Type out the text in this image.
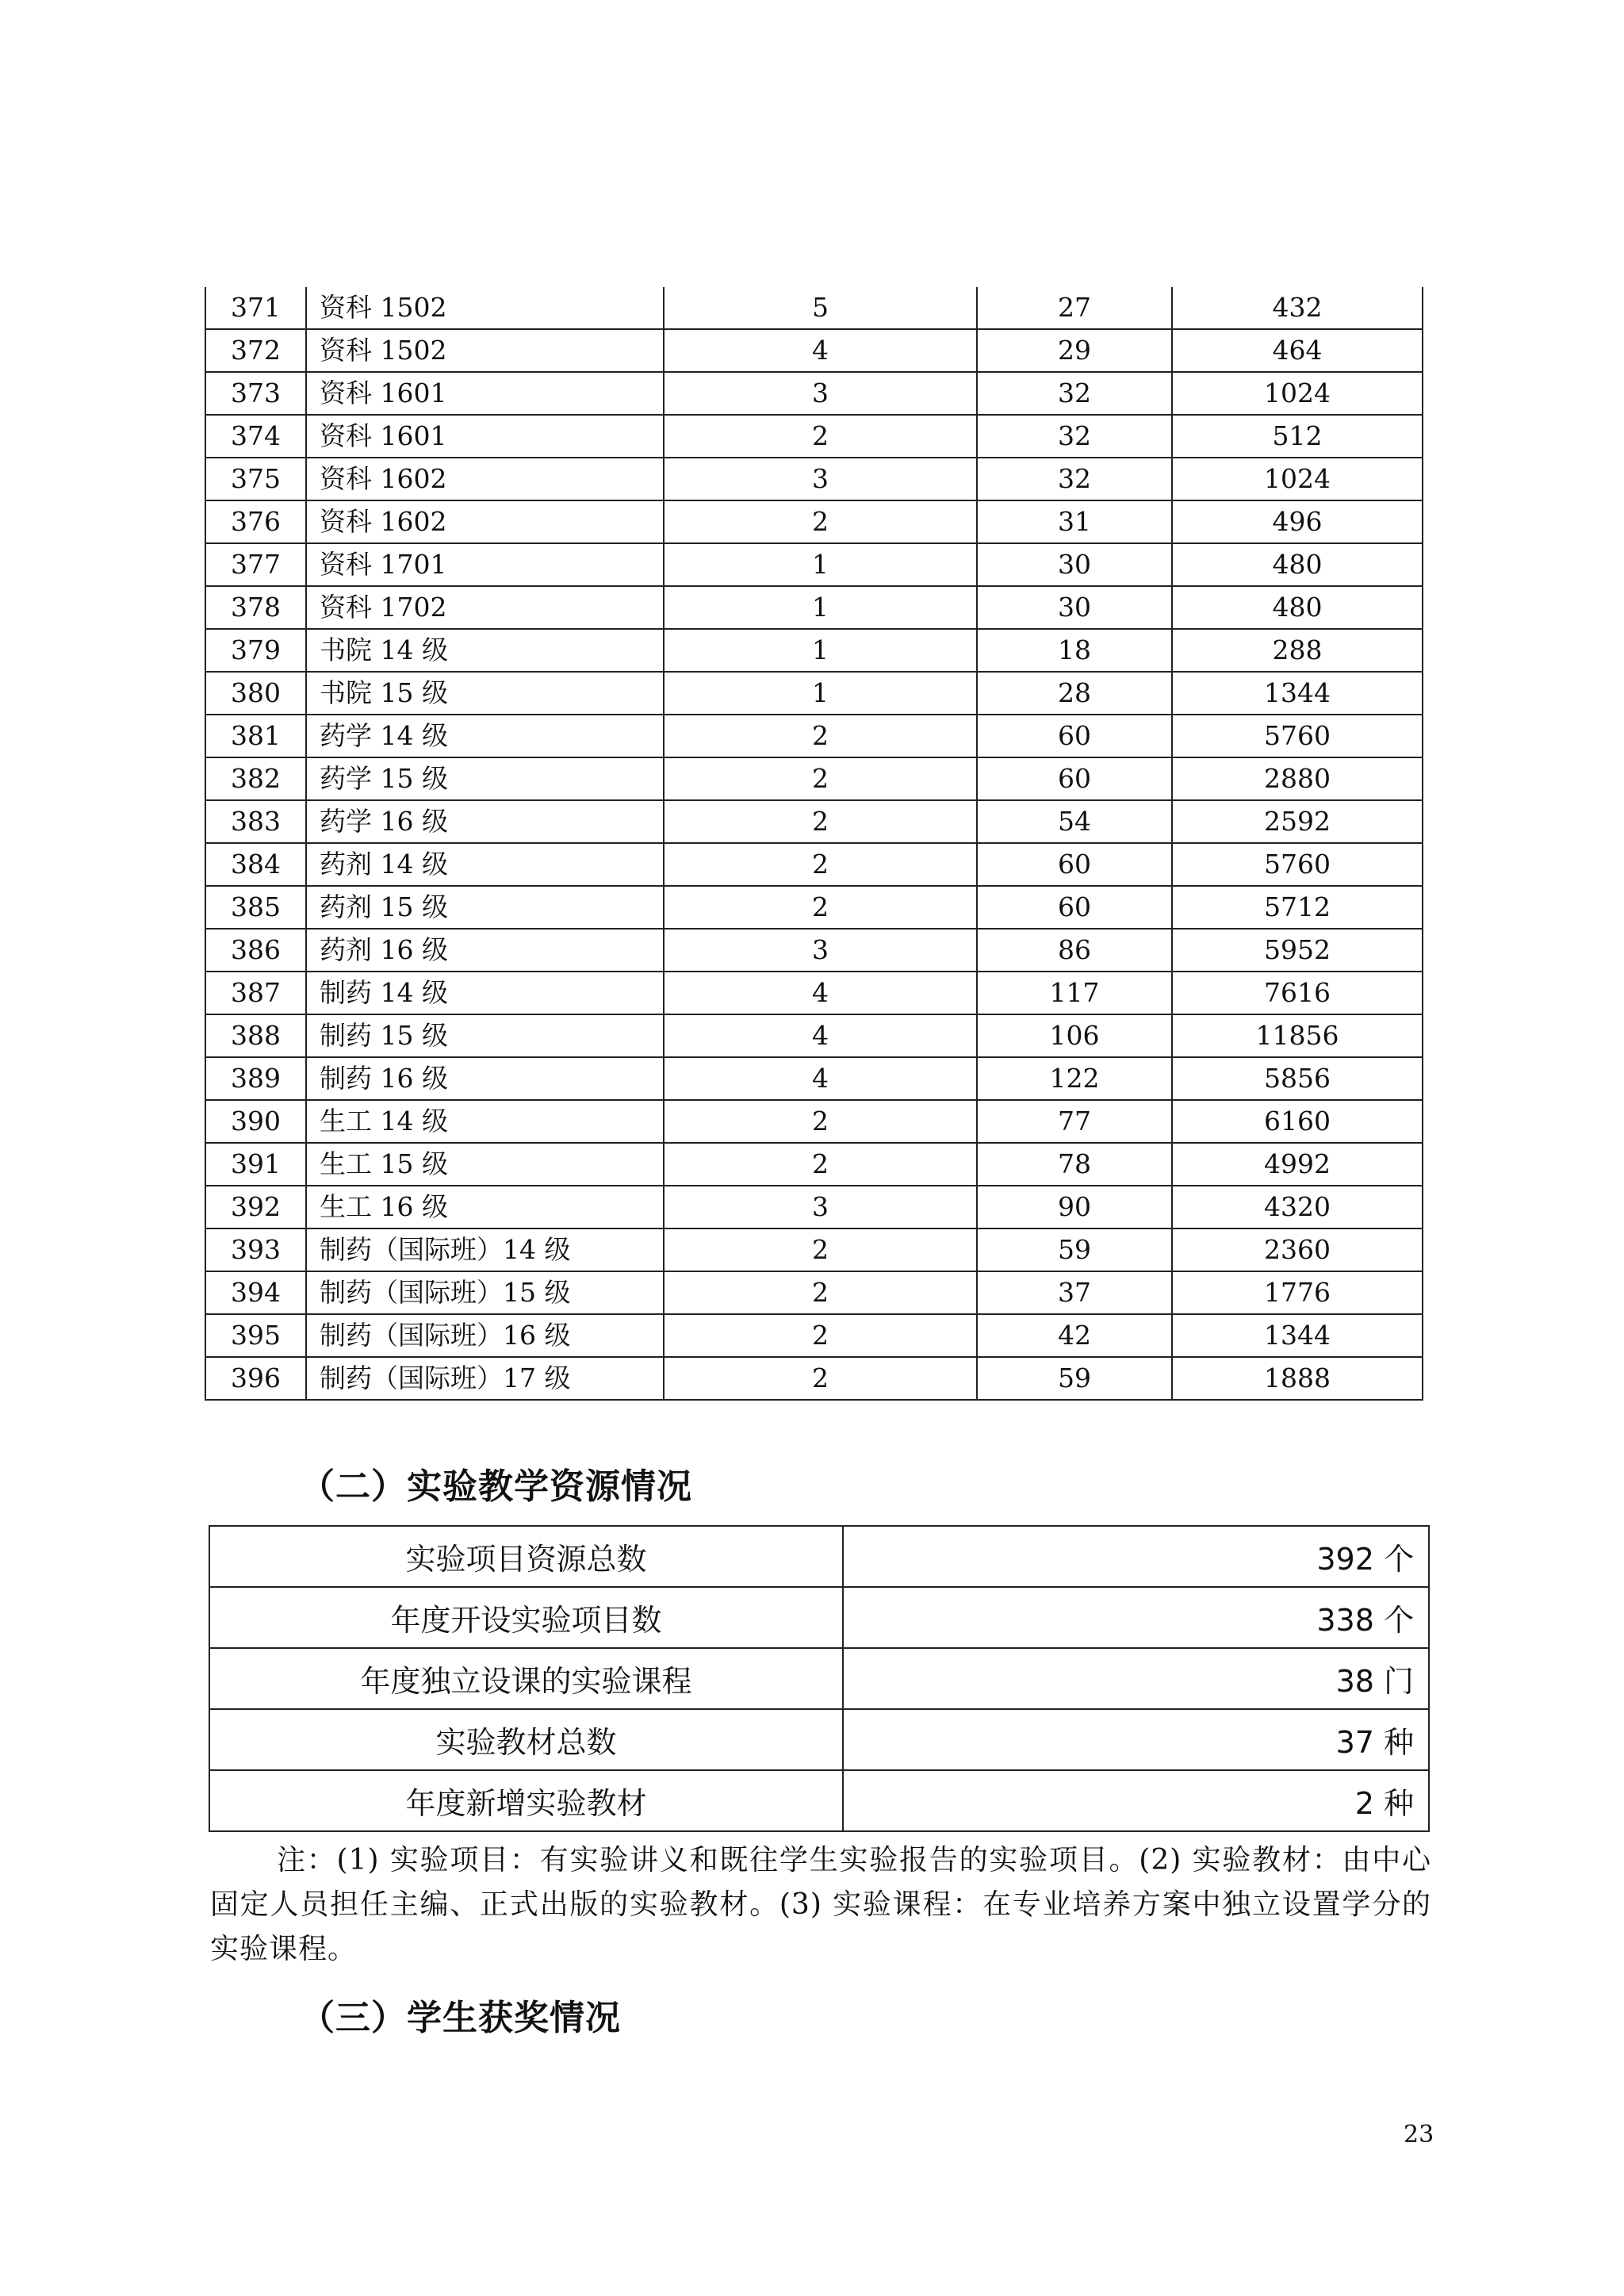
371	资科 1502	5	27	432
372	资科 1502	4	29	464
373	资科 1601	3	32	1024
374	资科 1601	2	32	512
375	资科 1602	3	32	1024
376	资科 1602	2	31	496
377	资科 1701	1	30	480
378	资科 1702	1	30	480
379	书院 14 级	1	18	288
380	书院 15 级	1	28	1344
381	药学 14 级	2	60	5760
382	药学 15 级	2	60	2880
383	药学 16 级	2	54	2592
384	药剂 14 级	2	60	5760
385	药剂 15 级	2	60	5712
386	药剂 16 级	3	86	5952
387	制药 14 级	4	117	7616
388	制药 15 级	4	106	11856
389	制药 16 级	4	122	5856
390	生工 14 级	2	77	6160
391	生工 15 级	2	78	4992
392	生工 16 级	3	90	4320
393	制药（国际班）14 级	2	59	2360
394	制药（国际班）15 级	2	37	1776
395	制药（国际班）16 级	2	42	1344
396	制药（国际班）17 级	2	59	1888
（二）实验教学资源情况
实验项目资源总数	392 个
年度开设实验项目数	338 个
年度独立设课的实验课程	38 门
实验教材总数	37 种
年度新增实验教材	2 种
注：(1) 实验项目：有实验讲义和既往学生实验报告的实验项目。(2) 实验教材：由中心固定人员担任主编、正式出版的实验教材。(3) 实验课程：在专业培养方案中独立设置学分的实验课程。
（三）学生获奖情况
23
